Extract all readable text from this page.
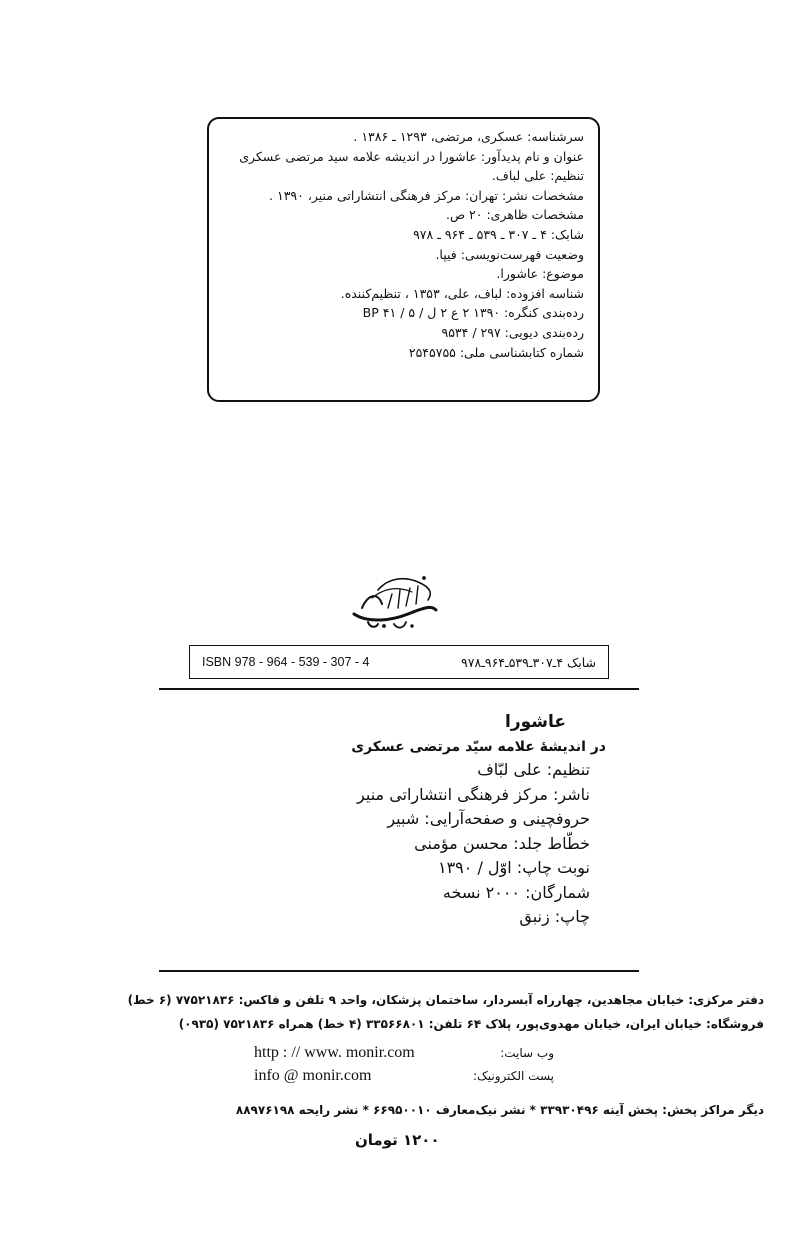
سرشناسه: عسکری، مرتضی، ۱۲۹۳ ـ ۱۳۸۶ .
عنوان و نام پدیدآور: عاشورا در اندیشه علامه سید مرتضی عسکری
تنظیم: علی لباف.
مشخصات نشر: تهران: مرکز فرهنگی انتشاراتی منیر، ۱۳۹۰ .
مشخصات ظاهری: ۲۰ ص.
شابک: ۴ ـ ۳۰۷ ـ ۵۳۹ ـ ۹۶۴ ـ ۹۷۸
وضعیت فهرست‌نویسی: فیپا.
موضوع: عاشورا.
شناسه افزوده: لباف، علی، ۱۳۵۳ ، تنظیم‌کننده.
رده‌بندی کنگره: ۱۳۹۰ ۲ ع ۲ ل / ۵ / ۴۱ BP
رده‌بندی دیویی: ۲۹۷ / ۹۵۳۴
شماره کتابشناسی ملی: ۲۵۴۵۷۵۵
ISBN 978 - 964 - 539 - 307 - 4	شابک ۴ـ۳۰۷ـ۵۳۹ـ۹۶۴ـ۹۷۸
عاشورا
در اندیشهٔ علامه سیّد مرتضی عسکری
تنظیم: علی لبّاف
ناشر: مرکز فرهنگی انتشاراتی منیر
حروفچینی و صفحه‌آرایی: شبیر
خطّاط جلد: محسن مؤمنی
نوبت چاپ: اوّل / ۱۳۹۰
شمارگان: ۲۰۰۰ نسخه
چاپ: زنبق
دفتر مرکزی: خیابان مجاهدین، چهارراه آبسردار، ساختمان پزشکان، واحد ۹ تلفن و فاکس: ۷۷۵۲۱۸۳۶ (۶ خط)
فروشگاه: خیابان ایران، خیابان مهدوی‌پور، پلاک ۶۴ تلفن: ۳۳۵۶۶۸۰۱ (۴ خط) همراه ۷۵۲۱۸۳۶ (۰۹۳۵)
وب سایت:
http : // www. monir.com
پست الکترونیک:
info @ monir.com
دیگر مراکز پخش: پخش آینه ۳۳۹۳۰۴۹۶ * نشر نیک‌معارف ۶۶۹۵۰۰۱۰ * نشر رایحه ۸۸۹۷۶۱۹۸
۱۲۰۰ تومان
